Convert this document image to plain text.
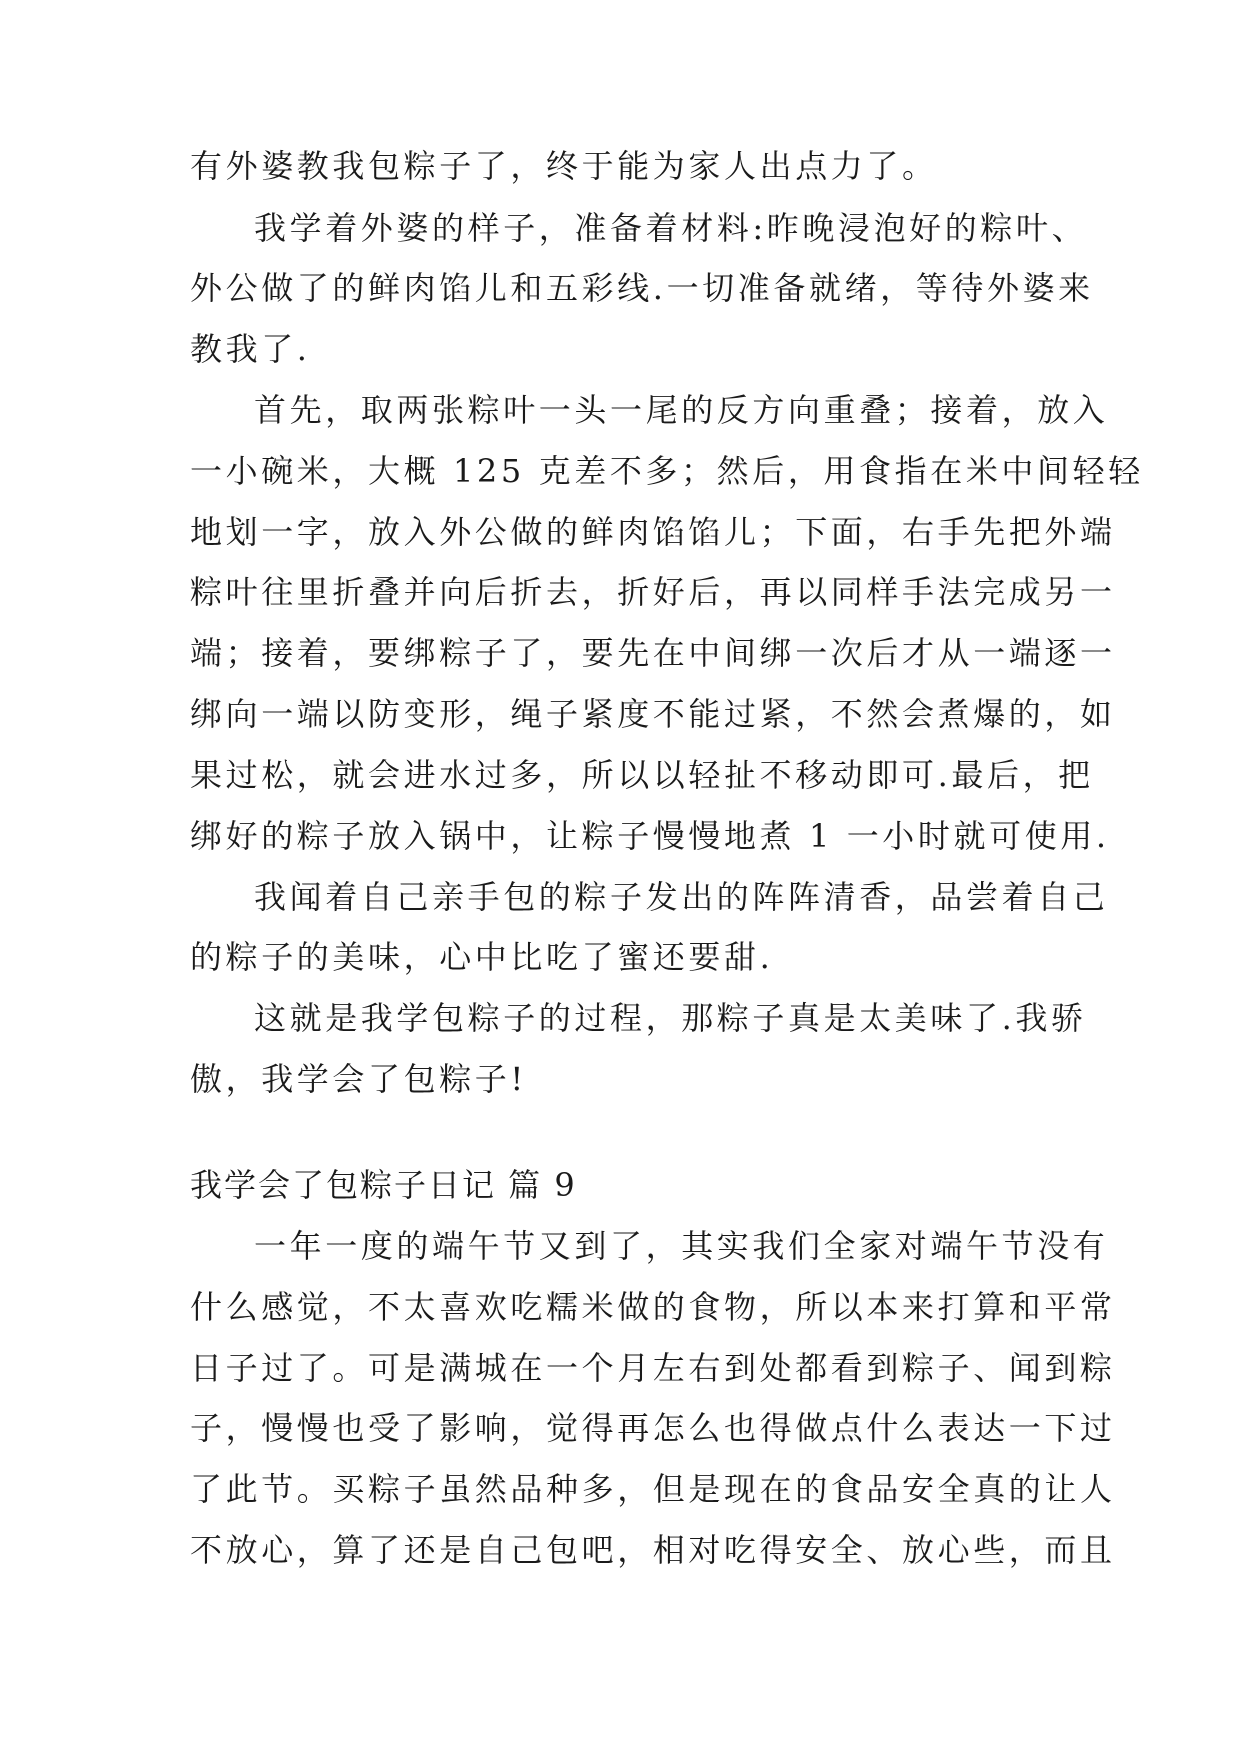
有外婆教我包粽子了，终于能为家人出点力了。
我学着外婆的样子，准备着材料:昨晚浸泡好的粽叶、
外公做了的鲜肉馅儿和五彩线.一切准备就绪，等待外婆来
教我了.
首先，取两张粽叶一头一尾的反方向重叠；接着，放入
一小碗米，大概 125 克差不多；然后，用食指在米中间轻轻
地划一字，放入外公做的鲜肉馅馅儿；下面，右手先把外端
粽叶往里折叠并向后折去，折好后，再以同样手法完成另一
端；接着，要绑粽子了，要先在中间绑一次后才从一端逐一
绑向一端以防变形，绳子紧度不能过紧，不然会煮爆的，如
果过松，就会进水过多，所以以轻扯不移动即可.最后，把
绑好的粽子放入锅中，让粽子慢慢地煮 1 一小时就可使用.
我闻着自己亲手包的粽子发出的阵阵清香，品尝着自己
的粽子的美味，心中比吃了蜜还要甜.
这就是我学包粽子的过程，那粽子真是太美味了.我骄
傲，我学会了包粽子!
我学会了包粽子日记 篇 9
一年一度的端午节又到了，其实我们全家对端午节没有
什么感觉，不太喜欢吃糯米做的食物，所以本来打算和平常
日子过了。可是满城在一个月左右到处都看到粽子、闻到粽
子，慢慢也受了影响，觉得再怎么也得做点什么表达一下过
了此节。买粽子虽然品种多，但是现在的食品安全真的让人
不放心，算了还是自己包吧，相对吃得安全、放心些，而且
